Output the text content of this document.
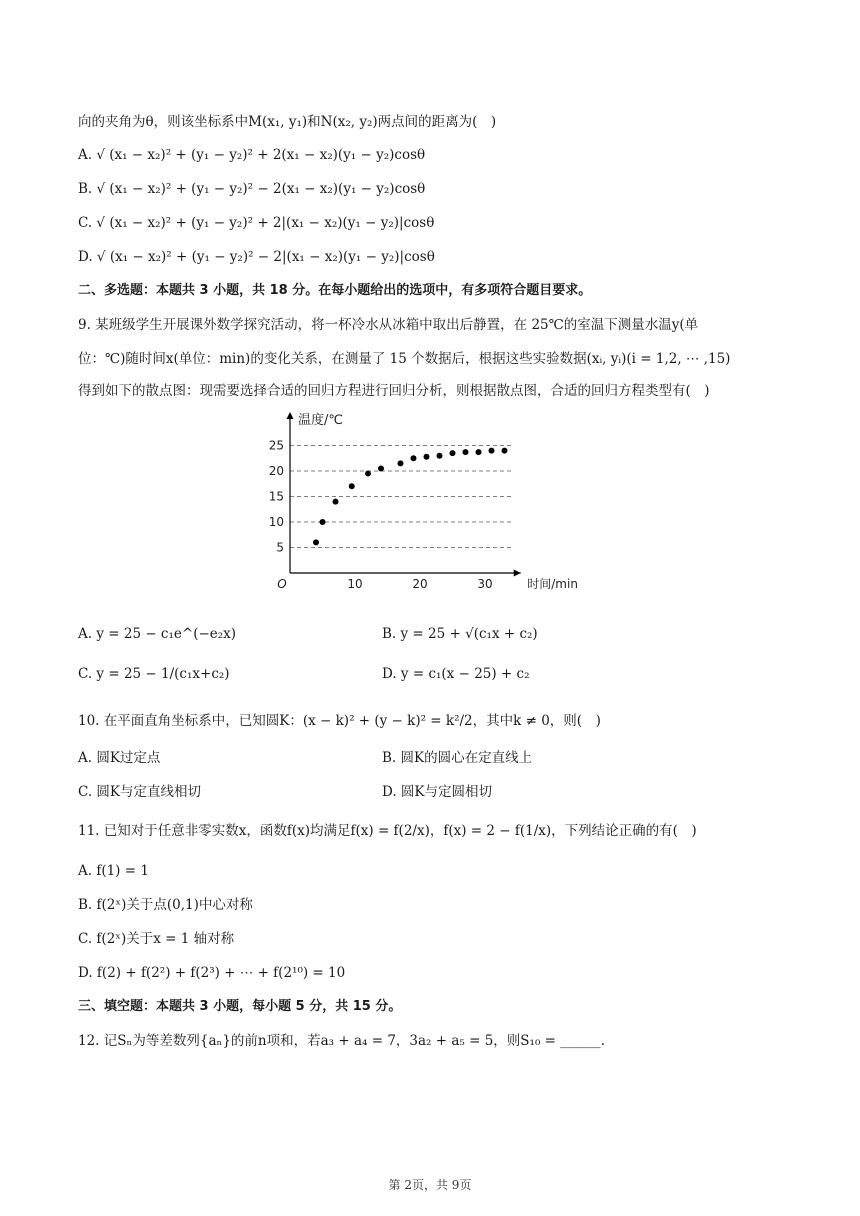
向的夹角为θ，则该坐标系中M(x₁, y₁)和N(x₂, y₂)两点间的距离为(　)
A. √ (x₁ − x₂)² + (y₁ − y₂)² + 2(x₁ − x₂)(y₁ − y₂)cosθ
B. √ (x₁ − x₂)² + (y₁ − y₂)² − 2(x₁ − x₂)(y₁ − y₂)cosθ
C. √ (x₁ − x₂)² + (y₁ − y₂)² + 2|(x₁ − x₂)(y₁ − y₂)|cosθ
D. √ (x₁ − x₂)² + (y₁ − y₂)² − 2|(x₁ − x₂)(y₁ − y₂)|cosθ
二、多选题：本题共 3 小题，共 18 分。在每小题给出的选项中，有多项符合题目要求。
9. 某班级学生开展课外数学探究活动，将一杯冷水从冰箱中取出后静置，在 25℃的室温下测量水温y(单
位：℃)随时间x(单位：min)的变化关系，在测量了 15 个数据后，根据这些实验数据(xᵢ, yᵢ)(i = 1,2, ⋯ ,15)
得到如下的散点图：现需要选择合适的回归方程进行回归分析，则根据散点图，合适的回归方程类型有(　)
5
10
15
20
25
10	20	30
O
温度/℃
时间/min
A. y = 25 − c₁e^(−e₂x)	B. y = 25 + √(c₁x + c₂)
C. y = 25 − 1/(c₁x+c₂)	D. y = c₁(x − 25) + c₂
10. 在平面直角坐标系中，已知圆K：(x − k)² + (y − k)² = k²/2，其中k ≠ 0，则(　)
A. 圆K过定点	B. 圆K的圆心在定直线上
C. 圆K与定直线相切	D. 圆K与定圆相切
11. 已知对于任意非零实数x，函数f(x)均满足f(x) = f(2/x)，f(x) = 2 − f(1/x)，下列结论正确的有(　)
A. f(1) = 1
B. f(2ˣ)关于点(0,1)中心对称
C. f(2ˣ)关于x = 1 轴对称
D. f(2) + f(2²) + f(2³) + ⋯ + f(2¹⁰) = 10
三、填空题：本题共 3 小题，每小题 5 分，共 15 分。
12. 记Sₙ为等差数列{aₙ}的前n项和，若a₃ + a₄ = 7，3a₂ + a₅ = 5，则S₁₀ = ______.
第 2页，共 9页
